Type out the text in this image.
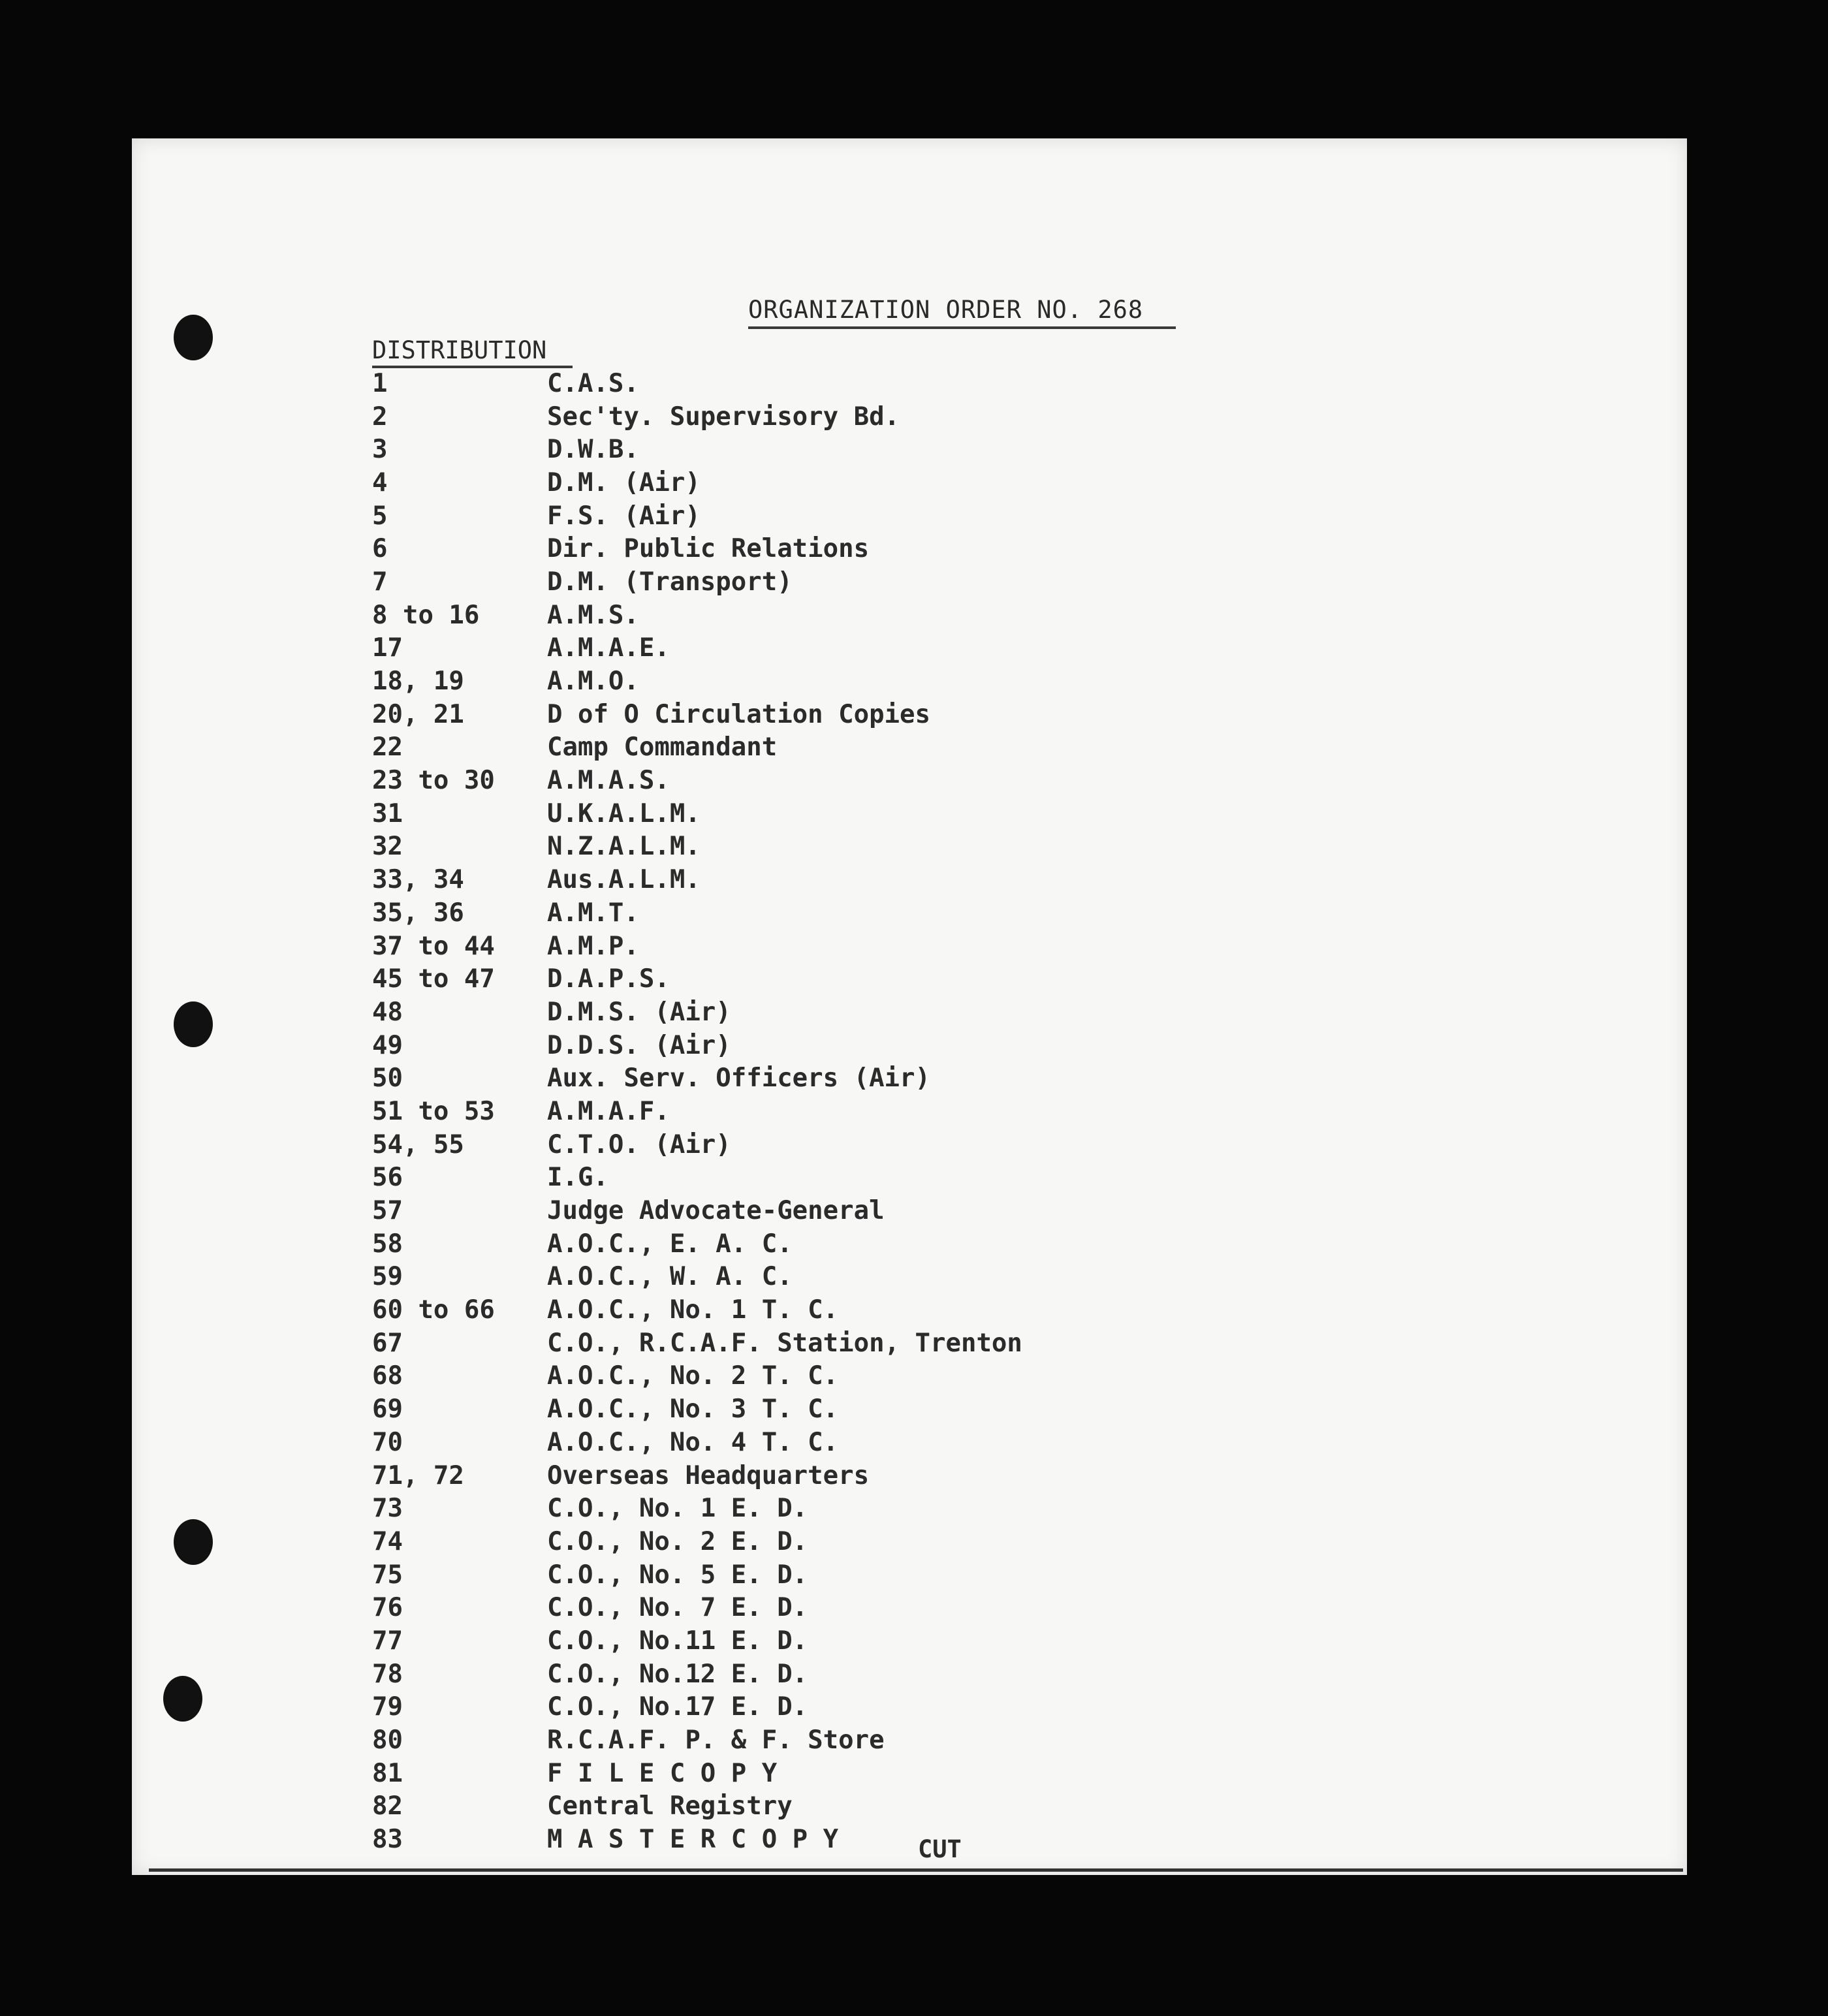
ORGANIZATION ORDER NO. 268
DISTRIBUTION
1	C.A.S.
2	Sec'ty. Supervisory Bd.
3	D.W.B.
4	D.M. (Air)
5	F.S. (Air)
6	Dir. Public Relations
7	D.M. (Transport)
8 to 16	A.M.S.
17	A.M.A.E.
18, 19	A.M.O.
20, 21	D of O Circulation Copies
22	Camp Commandant
23 to 30	A.M.A.S.
31	U.K.A.L.M.
32	N.Z.A.L.M.
33, 34	Aus.A.L.M.
35, 36	A.M.T.
37 to 44	A.M.P.
45 to 47	D.A.P.S.
48	D.M.S. (Air)
49	D.D.S. (Air)
50	Aux. Serv. Officers (Air)
51 to 53	A.M.A.F.
54, 55	C.T.O. (Air)
56	I.G.
57	Judge Advocate-General
58	A.O.C., E. A. C.
59	A.O.C., W. A. C.
60 to 66	A.O.C., No. 1 T. C.
67	C.O., R.C.A.F. Station, Trenton
68	A.O.C., No. 2 T. C.
69	A.O.C., No. 3 T. C.
70	A.O.C., No. 4 T. C.
71, 72	Overseas Headquarters
73	C.O., No. 1 E. D.
74	C.O., No. 2 E. D.
75	C.O., No. 5 E. D.
76	C.O., No. 7 E. D.
77	C.O., No.11 E. D.
78	C.O., No.12 E. D.
79	C.O., No.17 E. D.
80	R.C.A.F. P. & F. Store
81	F I L E C O P Y
82	Central Registry
83	M A S T E R C O P Y	CUT
